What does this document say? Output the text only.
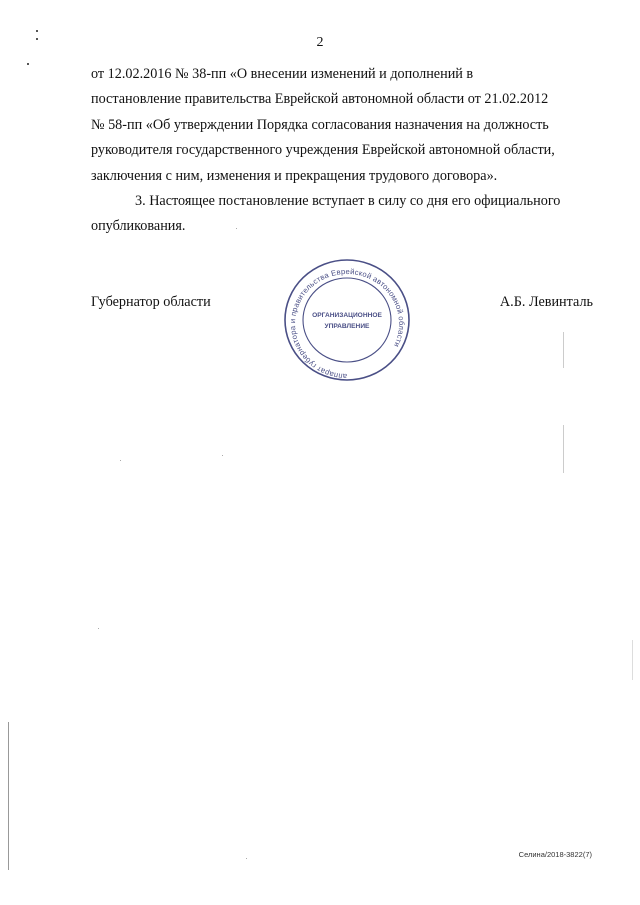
2

от 12.02.2016 № 38-пп «О внесении изменений и дополнений в
постановление правительства Еврейской автономной области от 21.02.2012
№ 58-пп «Об утверждении Порядка согласования назначения на должность
руководителя государственного учреждения Еврейской автономной области,
заключения с ним, изменения и прекращения трудового договора».

3. Настоящее постановление вступает в силу со дня его официального
опубликования.

Губернатор области	А.Б. Левинталь
аппарат губернатора и правительства Еврейской автономной области
ОРГАНИЗАЦИОННОЕ
УПРАВЛЕНИЕ
Селина/2018-3822(7)
